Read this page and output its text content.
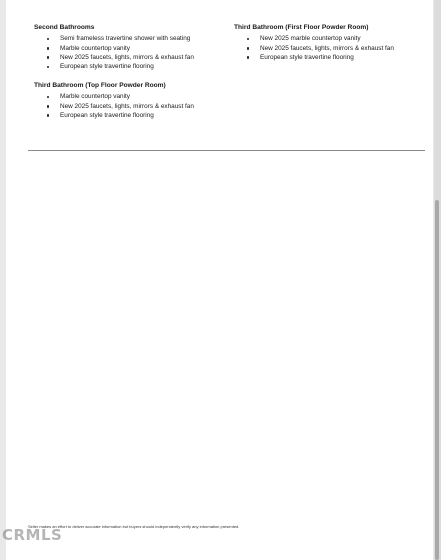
Second Bathrooms
Semi frameless travertine shower with seating
Marble countertop vanity
New 2025 faucets, lights, mirrors & exhaust fan
European style travertine flooring
Third Bathroom (Top Floor Powder Room)
Marble countertop vanity
New 2025 faucets, lights, mirrors & exhaust fan
European style travertine flooring
Third Bathroom (First Floor Powder Room)
New 2025 marble countertop vanity
New 2025 faucets, lights, mirrors & exhaust fan
European style travertine flooring
Seller makes an effort to deliver accurate information but buyers should independently verify any information presented.
CRMLS
